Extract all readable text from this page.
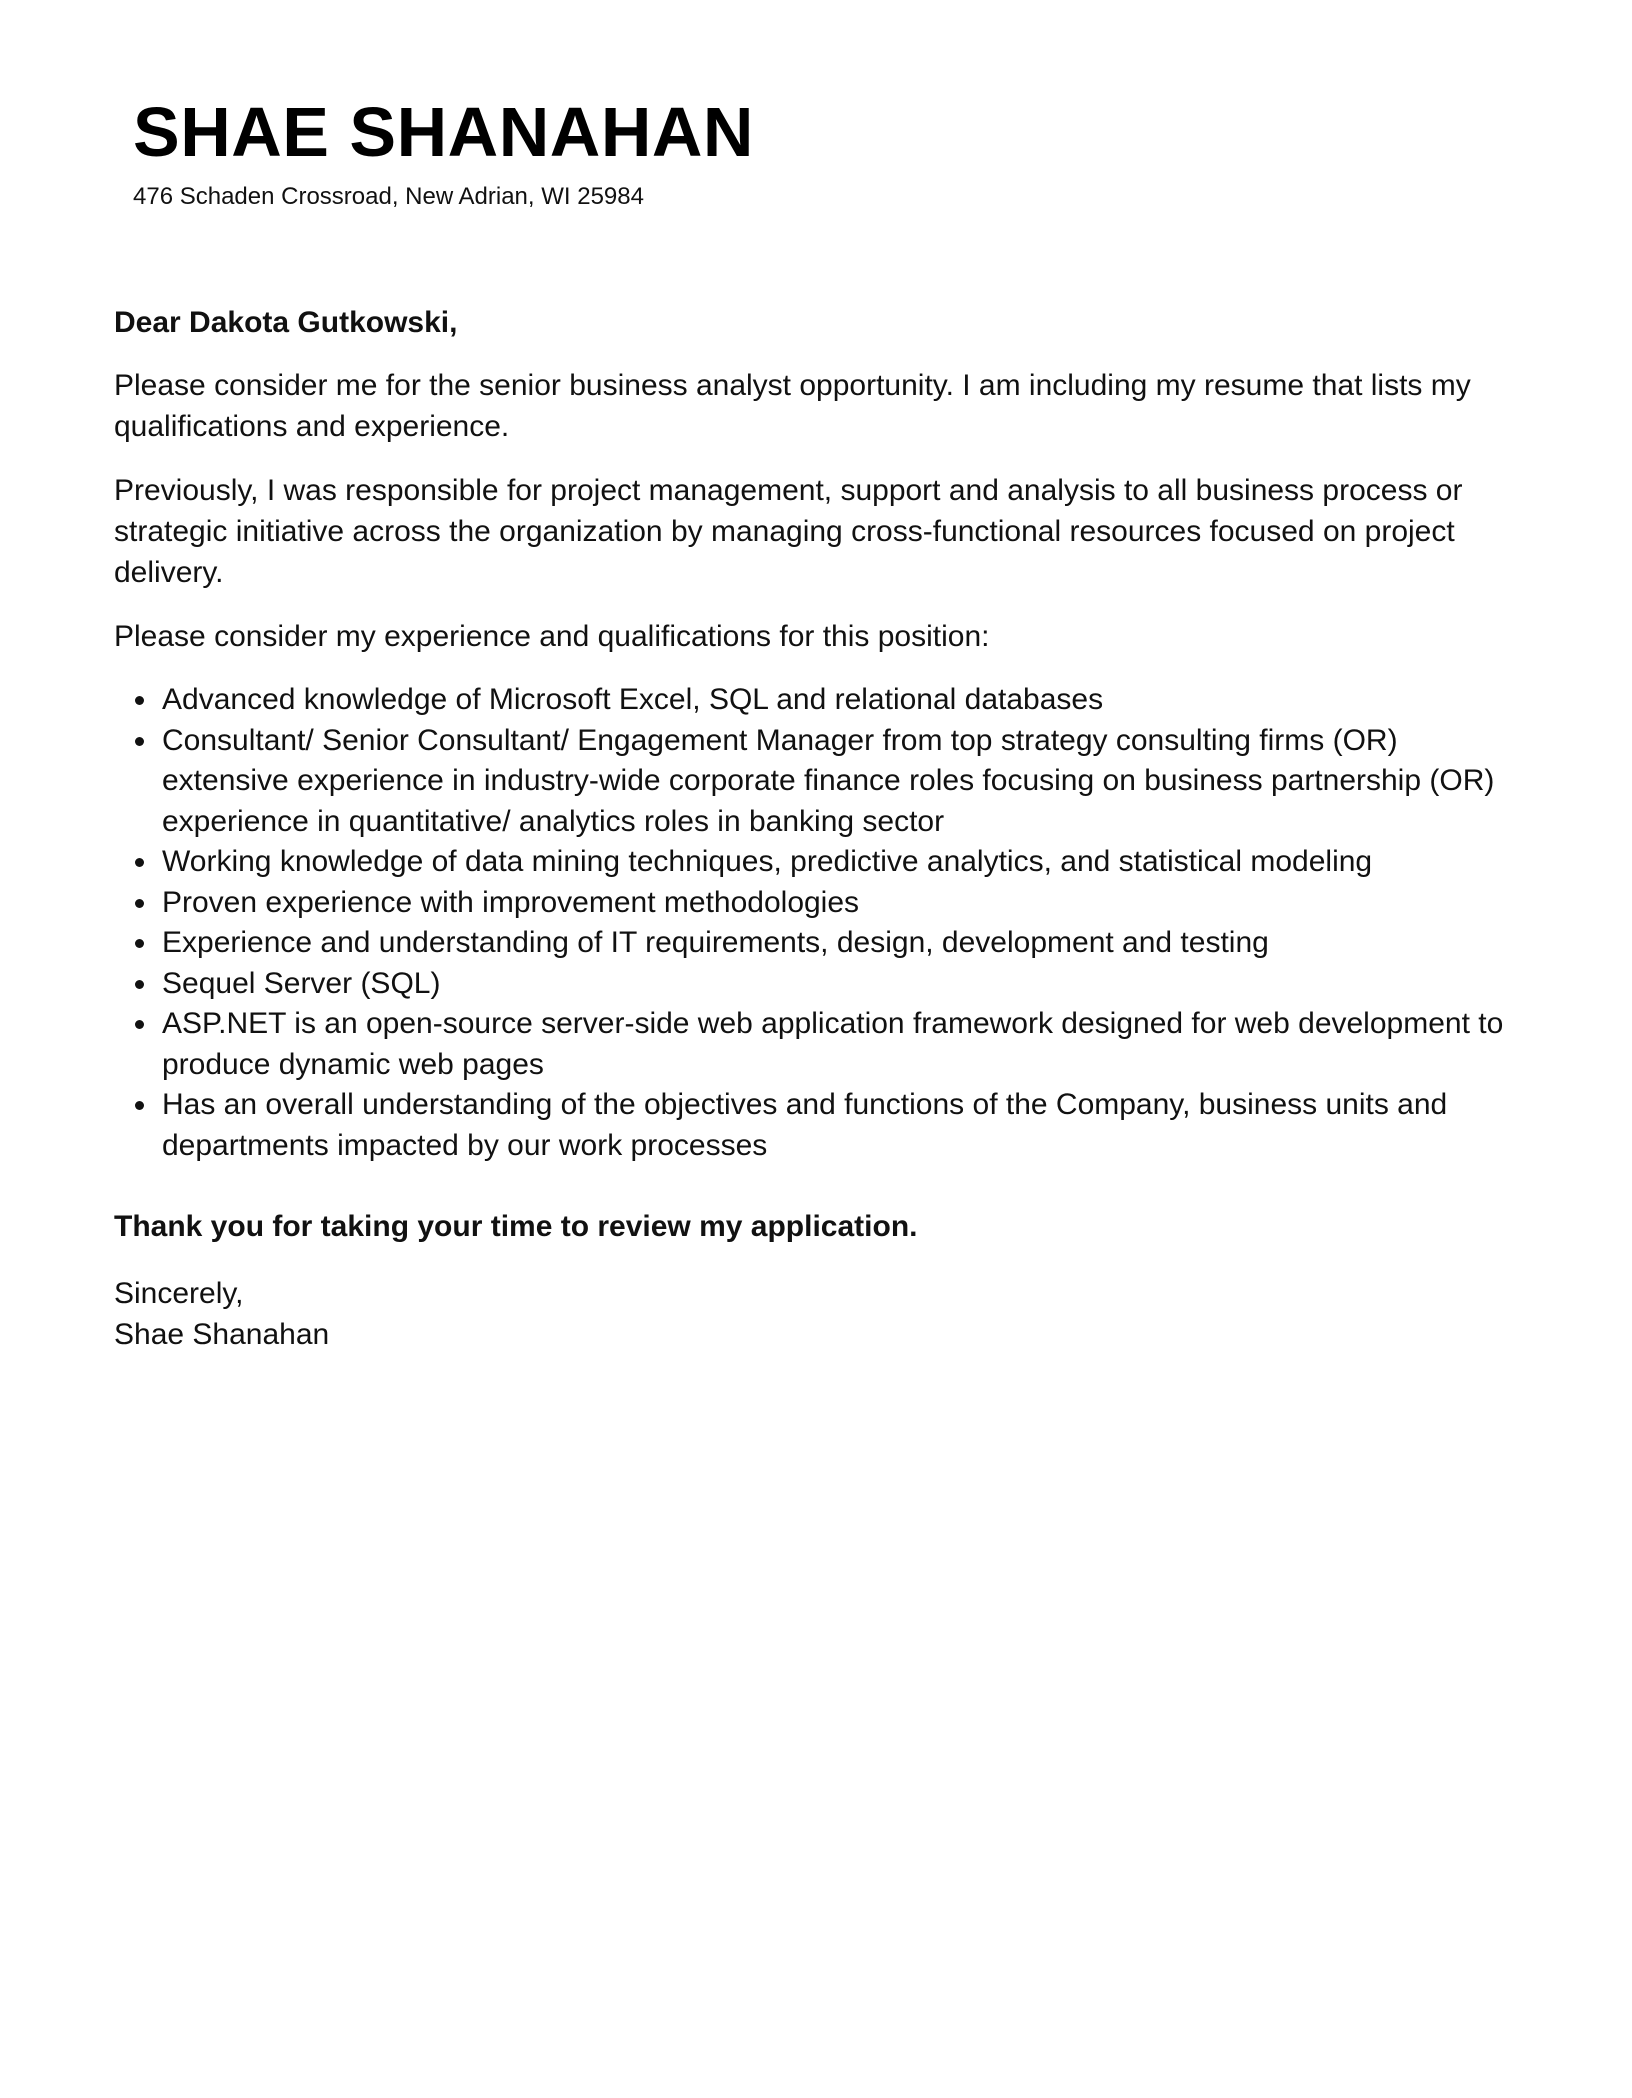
SHAE SHANAHAN
476 Schaden Crossroad, New Adrian, WI 25984

Dear Dakota Gutkowski,

Please consider me for the senior business analyst opportunity. I am including my resume that lists my qualifications and experience.

Previously, I was responsible for project management, support and analysis to all business process or strategic initiative across the organization by managing cross-functional resources focused on project delivery.

Please consider my experience and qualifications for this position:

Advanced knowledge of Microsoft Excel, SQL and relational databases
Consultant/ Senior Consultant/ Engagement Manager from top strategy consulting firms (OR) extensive experience in industry-wide corporate finance roles focusing on business partnership (OR) experience in quantitative/ analytics roles in banking sector
Working knowledge of data mining techniques, predictive analytics, and statistical modeling
Proven experience with improvement methodologies
Experience and understanding of IT requirements, design, development and testing
Sequel Server (SQL)
ASP.NET is an open-source server-side web application framework designed for web development to produce dynamic web pages
Has an overall understanding of the objectives and functions of the Company, business units and departments impacted by our work processes

Thank you for taking your time to review my application.

Sincerely,

Shae Shanahan
